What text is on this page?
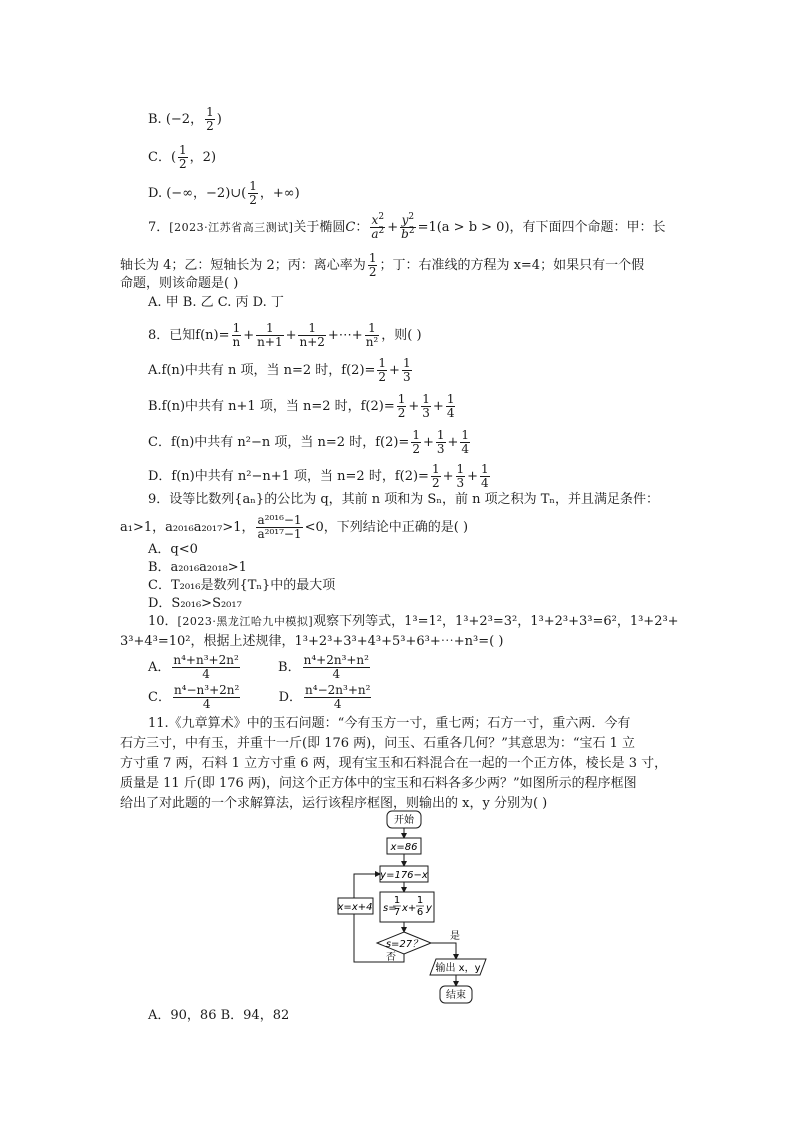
B. (−2， $\frac{1}{2}$ )
C．( $\frac{1}{2}$ ，2)
D. (−∞，−2)∪( $\frac{1}{2}$ ，+∞)
7．[2023·江苏省高三测试]关于椭圆C： $\frac{x^2}{a^2} + \frac{y^2}{b^2} =1(a > b > 0)$，有下面四个命题：甲：长
轴长为 4；乙：短轴长为 2；丙：离心率为 $\frac{1}{2}$ ；丁：右准线的方程为 x=4；如果只有一个假
命题，则该命题是( )
A. 甲 B. 乙 C. 丙 D. 丁
8．已知$f(n)= \frac{1}{n} + \frac{1}{n+1} + \frac{1}{n+2}$ +⋯+ $\frac{1}{\text{n²}}$ ，则( )
A.f(n)中共有 n 项，当 n=2 时，$f(2)= \frac{1}{2} + \frac{1}{3}$
B.f(n)中共有 n+1 项，当 n=2 时，$f(2)= \frac{1}{2} + \frac{1}{3} + \frac{1}{4}$
C．f(n)中共有 n²−n 项，当 n=2 时，$f(2)= \frac{1}{2} + \frac{1}{3} + \frac{1}{4}$
D．f(n)中共有 n²−n+1 项，当 n=2 时，$f(2)= \frac{1}{2} + \frac{1}{3} + \frac{1}{4}$
9．设等比数列{aₙ}的公比为 q，其前 n 项和为 Sₙ，前 n 项之积为 Tₙ，并且满足条件：
a₁>1，a₂₀₁₆a₂₀₁₇>1， $\frac{\text{a²⁰¹⁶−1}}{\text{a²⁰¹⁷−1}} <0$，下列结论中正确的是( )
A．q<0
B．a₂₀₁₆a₂₀₁₈>1
C．T₂₀₁₆是数列{Tₙ}中的最大项
D．S₂₀₁₆>S₂₀₁₇
10．[2023·黑龙江哈九中模拟]观察下列等式，1³=1²，1³+2³=3²，1³+2³+3³=6²，1³+2³+
3³+4³=10²，根据上述规律，1³+2³+3³+4³+5³+6³+⋯+n³=( )
A． $\frac{\text{n⁴+n³+2n²}}{4}$	B． $\frac{\text{n⁴+2n³+n²}}{4}$
C． $\frac{\text{n⁴−n³+2n²}}{4}$	D． $\frac{\text{n⁴−2n³+n²}}{4}$
11.《九章算术》中的玉石问题：“今有玉方一寸，重七两；石方一寸，重六两．今有
石方三寸，中有玉，并重十一斤(即 176 两)，问玉、石重各几何？”其意思为：“宝石 1 立
方寸重 7 两，石料 1 立方寸重 6 两，现有宝玉和石料混合在一起的一个正方体，棱长是 3 寸，
质量是 11 斤(即 176 两)，问这个正方体中的宝玉和石料各多少两？”如图所示的程序框图
给出了对此题的一个求解算法，运行该程序框图，则输出的 x，y 分别为( )
开始
x=86
y=176−x
s=
1
7 x+
1
6 y
s=27？
是
否
x=x+4
输出 x，y
结束
A．90，86 B．94，82
